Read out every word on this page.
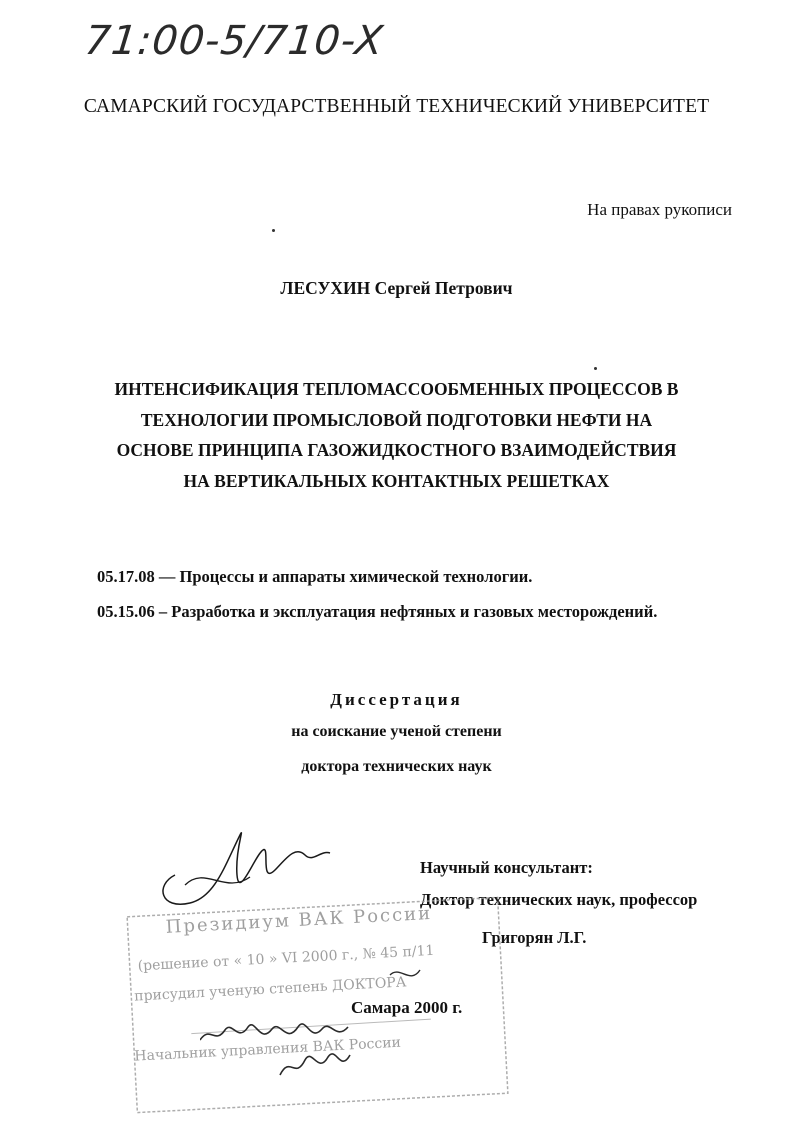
71:00-5/710-X
САМАРСКИЙ ГОСУДАРСТВЕННЫЙ ТЕХНИЧЕСКИЙ УНИВЕРСИТЕТ
На правах рукописи
ЛЕСУХИН Сергей Петрович
ИНТЕНСИФИКАЦИЯ ТЕПЛОМАССООБМЕННЫХ ПРОЦЕССОВ В
ТЕХНОЛОГИИ ПРОМЫСЛОВОЙ ПОДГОТОВКИ НЕФТИ НА
ОСНОВЕ ПРИНЦИПА ГАЗОЖИДКОСТНОГО ВЗАИМОДЕЙСТВИЯ
НА ВЕРТИКАЛЬНЫХ КОНТАКТНЫХ РЕШЕТКАХ
05.17.08 — Процессы и аппараты химической технологии.
05.15.06 – Разработка и эксплуатация нефтяных и газовых месторождений.
Диссертация
на соискание ученой степени
доктора технических наук
Научный консультант:
Доктор технических наук, профессор
Григорян Л.Г.
Президиум ВАК России
(решение от « 10 » VI 2000 г., № 45 п/11
присудил ученую степень ДОКТОРА
Начальник управления ВАК России
Самара 2000 г.
